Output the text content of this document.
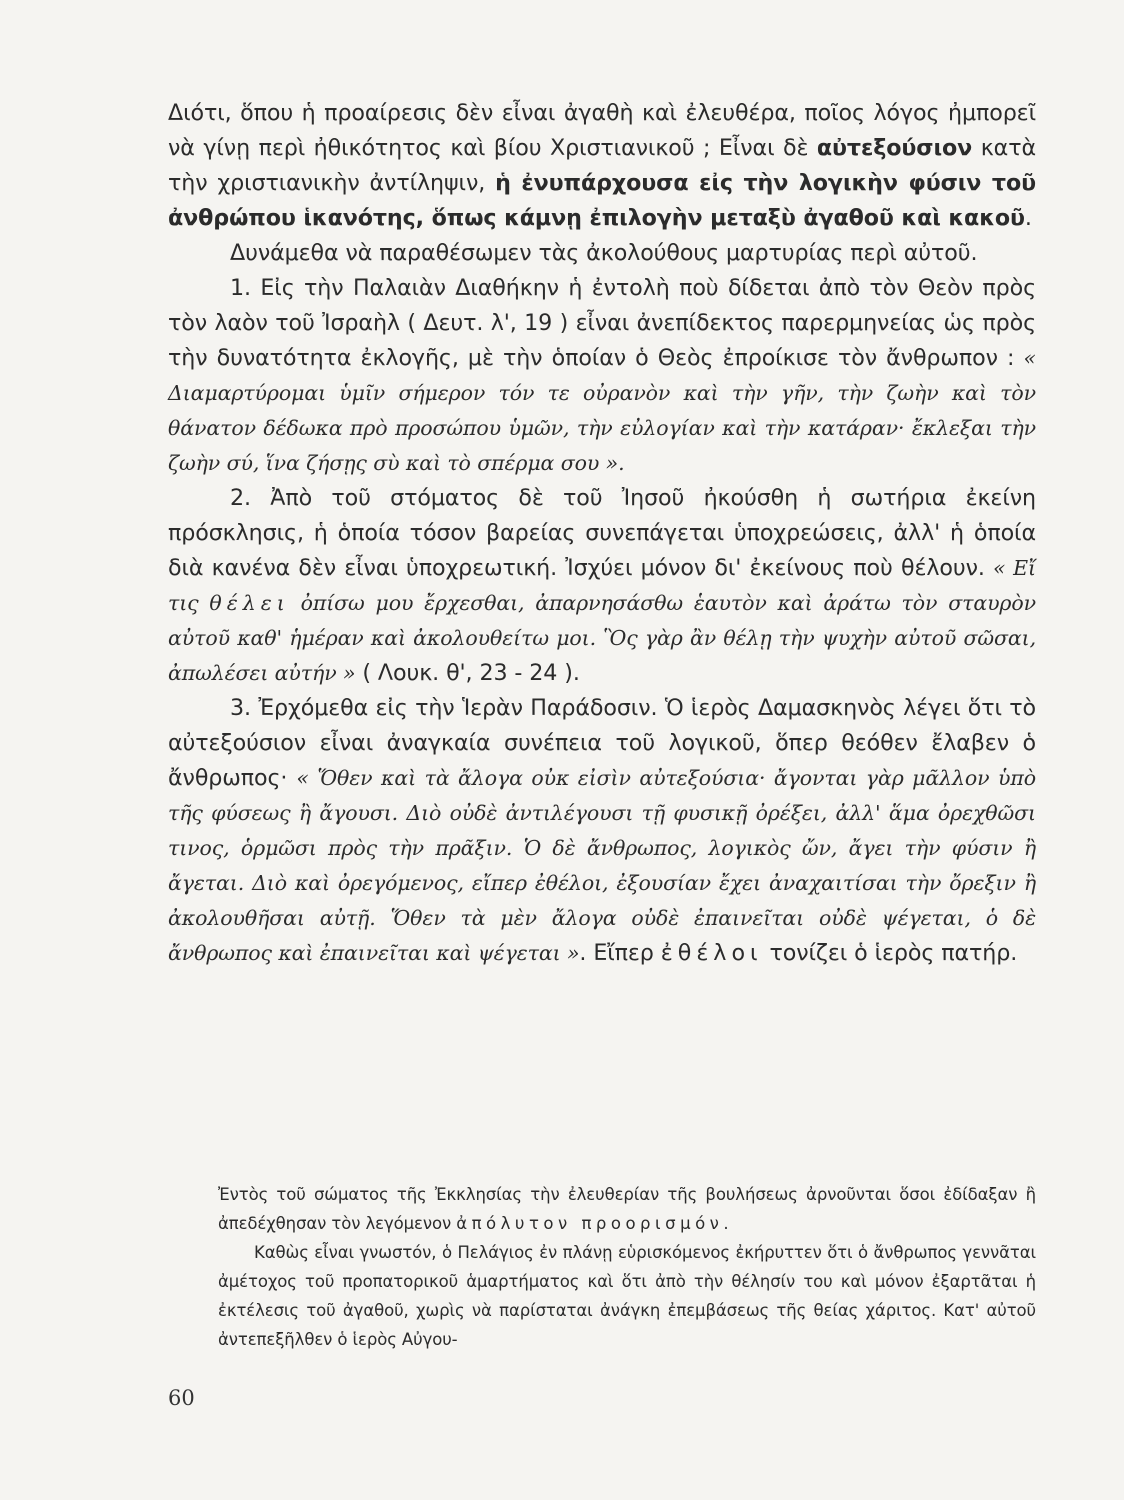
Διότι, ὅπου ἡ προαίρεσις δὲν εἶναι ἀγαθὴ καὶ ἐλευθέρα, ποῖος λόγος ἠμπορεῖ νὰ γίνῃ περὶ ἠθικότητος καὶ βίου Χριστιανικοῦ ; Εἶναι δὲ αὐτεξούσιον κατὰ τὴν χριστιανικὴν ἀντίληψιν, ἡ ἐνυπάρχουσα εἰς τὴν λογικὴν φύσιν τοῦ ἀνθρώπου ἱκανότης, ὅπως κάμνῃ ἐπιλογὴν μεταξὺ ἀγαθοῦ καὶ κακοῦ.

Δυνάμεθα νὰ παραθέσωμεν τὰς ἀκολούθους μαρτυρίας περὶ αὐτοῦ.

1. Εἰς τὴν Παλαιὰν Διαθήκην ἡ ἐντολὴ ποὺ δίδεται ἀπὸ τὸν Θεὸν πρὸς τὸν λαὸν τοῦ Ἰσραὴλ ( Δευτ. λ', 19 ) εἶναι ἀνεπίδεκτος παρερμηνείας ὡς πρὸς τὴν δυνατότητα ἐκλογῆς, μὲ τὴν ὁποίαν ὁ Θεὸς ἐπροίκισε τὸν ἄνθρωπον : « Διαμαρτύρομαι ὑμῖν σήμερον τόν τε οὐρανὸν καὶ τὴν γῆν, τὴν ζωὴν καὶ τὸν θάνατον δέδωκα πρὸ προσώπου ὑμῶν, τὴν εὐλογίαν καὶ τὴν κατάραν· ἔκλεξαι τὴν ζωὴν σύ, ἵνα ζήσῃς σὺ καὶ τὸ σπέρμα σου ».

2. Ἀπὸ τοῦ στόματος δὲ τοῦ Ἰησοῦ ἠκούσθη ἡ σωτήρια ἐκείνη πρόσκλησις, ἡ ὁποία τόσον βαρείας συνεπάγεται ὑποχρεώσεις, ἀλλ' ἡ ὁποία διὰ κανένα δὲν εἶναι ὑποχρεωτική. Ἰσχύει μόνον δι' ἐκείνους ποὺ θέλουν. « Εἴ τις θέλει ὀπίσω μου ἔρχεσθαι, ἀπαρνησάσθω ἑαυτὸν καὶ ἀράτω τὸν σταυρὸν αὐτοῦ καθ' ἡμέραν καὶ ἀκολουθείτω μοι. Ὃς γὰρ ἂν θέλῃ τὴν ψυχὴν αὐτοῦ σῶσαι, ἀπωλέσει αὐτήν » ( Λουκ. θ', 23 - 24 ).

3. Ἐρχόμεθα εἰς τὴν Ἱερὰν Παράδοσιν. Ὁ ἱερὸς Δαμασκηνὸς λέγει ὅτι τὸ αὐτεξούσιον εἶναι ἀναγκαία συνέπεια τοῦ λογικοῦ, ὅπερ θεόθεν ἔλαβεν ὁ ἄνθρωπος· « Ὅθεν καὶ τὰ ἄλογα οὐκ εἰσὶν αὐτεξούσια· ἄγονται γὰρ μᾶλλον ὑπὸ τῆς φύσεως ἢ ἄγουσι. Διὸ οὐδὲ ἀντιλέγουσι τῇ φυσικῇ ὀρέξει, ἀλλ' ἅμα ὀρεχθῶσι τινος, ὁρμῶσι πρὸς τὴν πρᾶξιν. Ὁ δὲ ἄνθρωπος, λογικὸς ὤν, ἄγει τὴν φύσιν ἢ ἄγεται. Διὸ καὶ ὀρεγόμενος, εἴπερ ἐθέλοι, ἐξουσίαν ἔχει ἀναχαιτίσαι τὴν ὄρεξιν ἢ ἀκολουθῆσαι αὐτῇ. Ὅθεν τὰ μὲν ἄλογα οὐδὲ ἐπαινεῖται οὐδὲ ψέγεται, ὁ δὲ ἄνθρωπος καὶ ἐπαινεῖται καὶ ψέγεται ». Εἴπερ ἐθέλοι τονίζει ὁ ἱερὸς πατήρ.

Ἐντὸς τοῦ σώματος τῆς Ἐκκλησίας τὴν ἐλευθερίαν τῆς βουλήσεως ἀρνοῦνται ὅσοι ἐδίδαξαν ἢ ἀπεδέχθησαν τὸν λεγόμενον ἀπόλυτον προορισμόν.

Καθὼς εἶναι γνωστόν, ὁ Πελάγιος ἐν πλάνῃ εὑρισκόμενος ἐκήρυττεν ὅτι ὁ ἄνθρωπος γεννᾶται ἀμέτοχος τοῦ προπατορικοῦ ἁμαρτήματος καὶ ὅτι ἀπὸ τὴν θέλησίν του καὶ μόνον ἐξαρτᾶται ἡ ἐκτέλεσις τοῦ ἀγαθοῦ, χωρὶς νὰ παρίσταται ἀνάγκη ἐπεμβάσεως τῆς θείας χάριτος. Κατ' αὐτοῦ ἀντεπεξῆλθεν ὁ ἱερὸς Αὐγου-

60
